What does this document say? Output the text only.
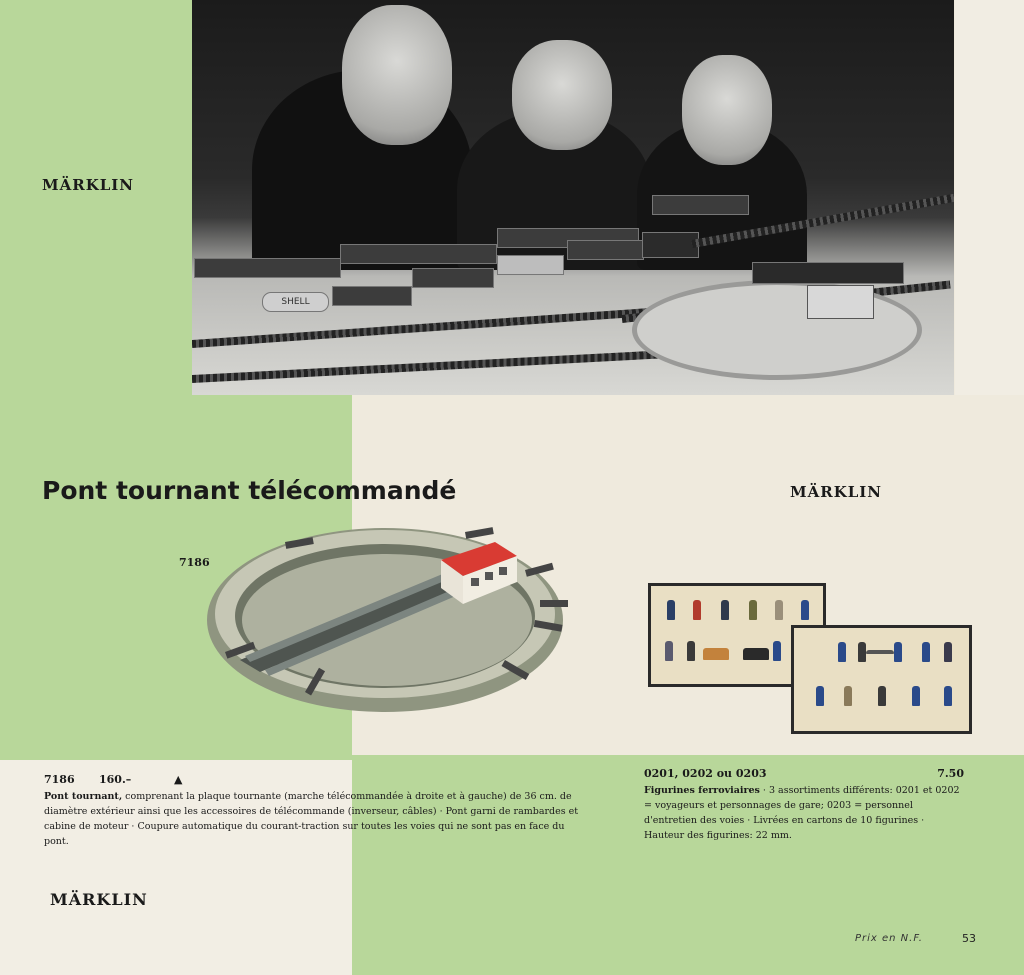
SHELL
MÄRKLIN
MÄRKLIN
MÄRKLIN
Pont tournant télécommandé
7186
7186	160.–	▲
Pont tournant, comprenant la plaque tournante (marche télécommandée à droite et à gauche) de 36 cm. de diamètre extérieur ainsi que les accessoires de télécommande (inverseur, câbles) · Pont garni de rambardes et cabine de moteur · Coupure automatique du courant-traction sur toutes les voies qui ne sont pas en face du pont.
0201, 0202 ou 0203	7.50
Figurines ferroviaires · 3 assortiments différents: 0201 et 0202 = voyageurs et personnages de gare; 0203 = personnel d'entretien des voies · Livrées en cartons de 10 figurines · Hauteur des figurines: 22 mm.
Prix en N.F.	53
